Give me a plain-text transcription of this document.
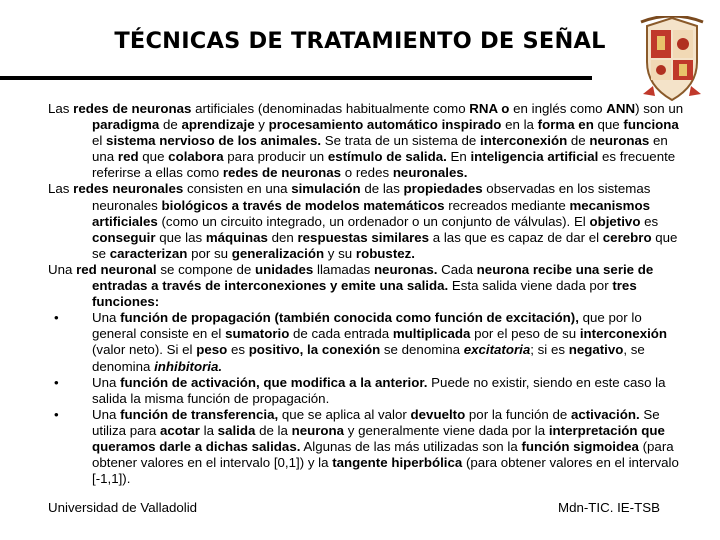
TÉCNICAS DE TRATAMIENTO DE SEÑAL

Las redes de neuronas artificiales (denominadas habitualmente como RNA o en inglés como ANN) son un paradigma de aprendizaje y procesamiento automático inspirado en la forma en que funciona el sistema nervioso de los animales. Se trata de un sistema de interconexión de neuronas en una red que colabora para producir un estímulo de salida. En inteligencia artificial es frecuente referirse a ellas como redes de neuronas o redes neuronales.

Las redes neuronales consisten en una simulación de las propiedades observadas en los sistemas neuronales biológicos a través de modelos matemáticos recreados mediante mecanismos artificiales (como un circuito integrado, un ordenador o un conjunto de válvulas). El objetivo es conseguir que las máquinas den respuestas similares a las que es capaz de dar el cerebro que se caracterizan por su generalización y su robustez.

Una red neuronal se compone de unidades llamadas neuronas. Cada neurona recibe una serie de entradas a través de interconexiones y emite una salida. Esta salida viene dada por tres funciones:

•	Una función de propagación (también conocida como función de excitación), que por lo general consiste en el sumatorio de cada entrada multiplicada por el peso de su interconexión (valor neto). Si el peso es positivo, la conexión se denomina excitatoria; si es negativo, se denomina inhibitoria.
•	Una función de activación, que modifica a la anterior. Puede no existir, siendo en este caso la salida la misma función de propagación.
•	Una función de transferencia, que se aplica al valor devuelto por la función de activación. Se utiliza para acotar la salida de la neurona y generalmente viene dada por la interpretación que queramos darle a dichas salidas. Algunas de las más utilizadas son la función sigmoidea (para obtener valores en el intervalo [0,1]) y la tangente hiperbólica (para obtener valores en el intervalo [-1,1]).
Universidad de Valladolid	Mdn-TIC. IE-TSB
